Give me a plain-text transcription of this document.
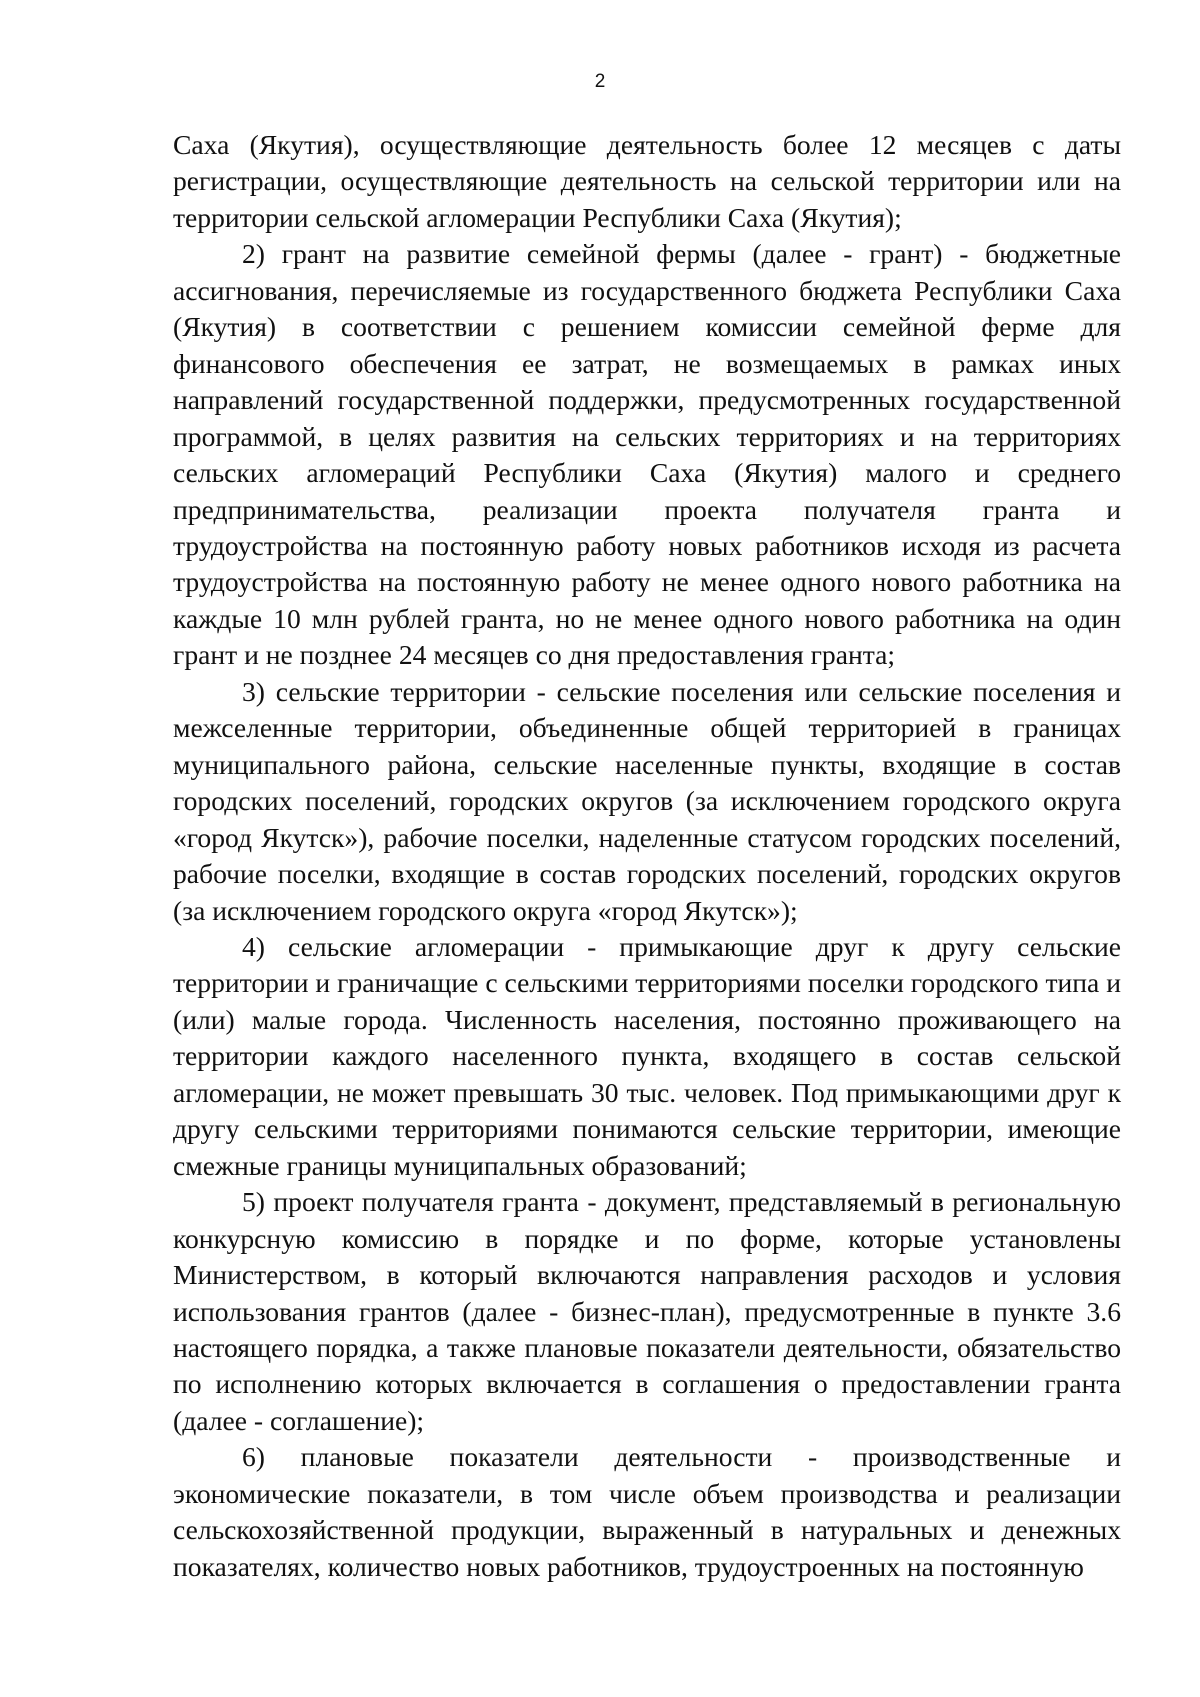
2

Саха (Якутия), осуществляющие деятельность более 12 месяцев с даты регистрации, осуществляющие деятельность на сельской территории или на территории сельской агломерации Республики Саха (Якутия);

2) грант на развитие семейной фермы (далее - грант) - бюджетные ассигнования, перечисляемые из государственного бюджета Республики Саха (Якутия) в соответствии с решением комиссии семейной ферме для финансового обеспечения ее затрат, не возмещаемых в рамках иных направлений государственной поддержки, предусмотренных государственной программой, в целях развития на сельских территориях и на территориях сельских агломераций Республики Саха (Якутия) малого и среднего предпринимательства, реализации проекта получателя гранта и трудоустройства на постоянную работу новых работников исходя из расчета трудоустройства на постоянную работу не менее одного нового работника на каждые 10 млн рублей гранта, но не менее одного нового работника на один грант и не позднее 24 месяцев со дня предоставления гранта;

3) сельские территории - сельские поселения или сельские поселения и межселенные территории, объединенные общей территорией в границах муниципального района, сельские населенные пункты, входящие в состав городских поселений, городских округов (за исключением городского округа «город Якутск»), рабочие поселки, наделенные статусом городских поселений, рабочие поселки, входящие в состав городских поселений, городских округов (за исключением городского округа «город Якутск»);

4) сельские агломерации - примыкающие друг к другу сельские территории и граничащие с сельскими территориями поселки городского типа и (или) малые города. Численность населения, постоянно проживающего на территории каждого населенного пункта, входящего в состав сельской агломерации, не может превышать 30 тыс. человек. Под примыкающими друг к другу сельскими территориями понимаются сельские территории, имеющие смежные границы муниципальных образований;

5) проект получателя гранта - документ, представляемый в региональную конкурсную комиссию в порядке и по форме, которые установлены Министерством, в который включаются направления расходов и условия использования грантов (далее - бизнес-план), предусмотренные в пункте 3.6 настоящего порядка, а также плановые показатели деятельности, обязательство по исполнению которых включается в соглашения о предоставлении гранта (далее - соглашение);

6) плановые показатели деятельности - производственные и экономические показатели, в том числе объем производства и реализации сельскохозяйственной продукции, выраженный в натуральных и денежных показателях, количество новых работников, трудоустроенных на постоянную
